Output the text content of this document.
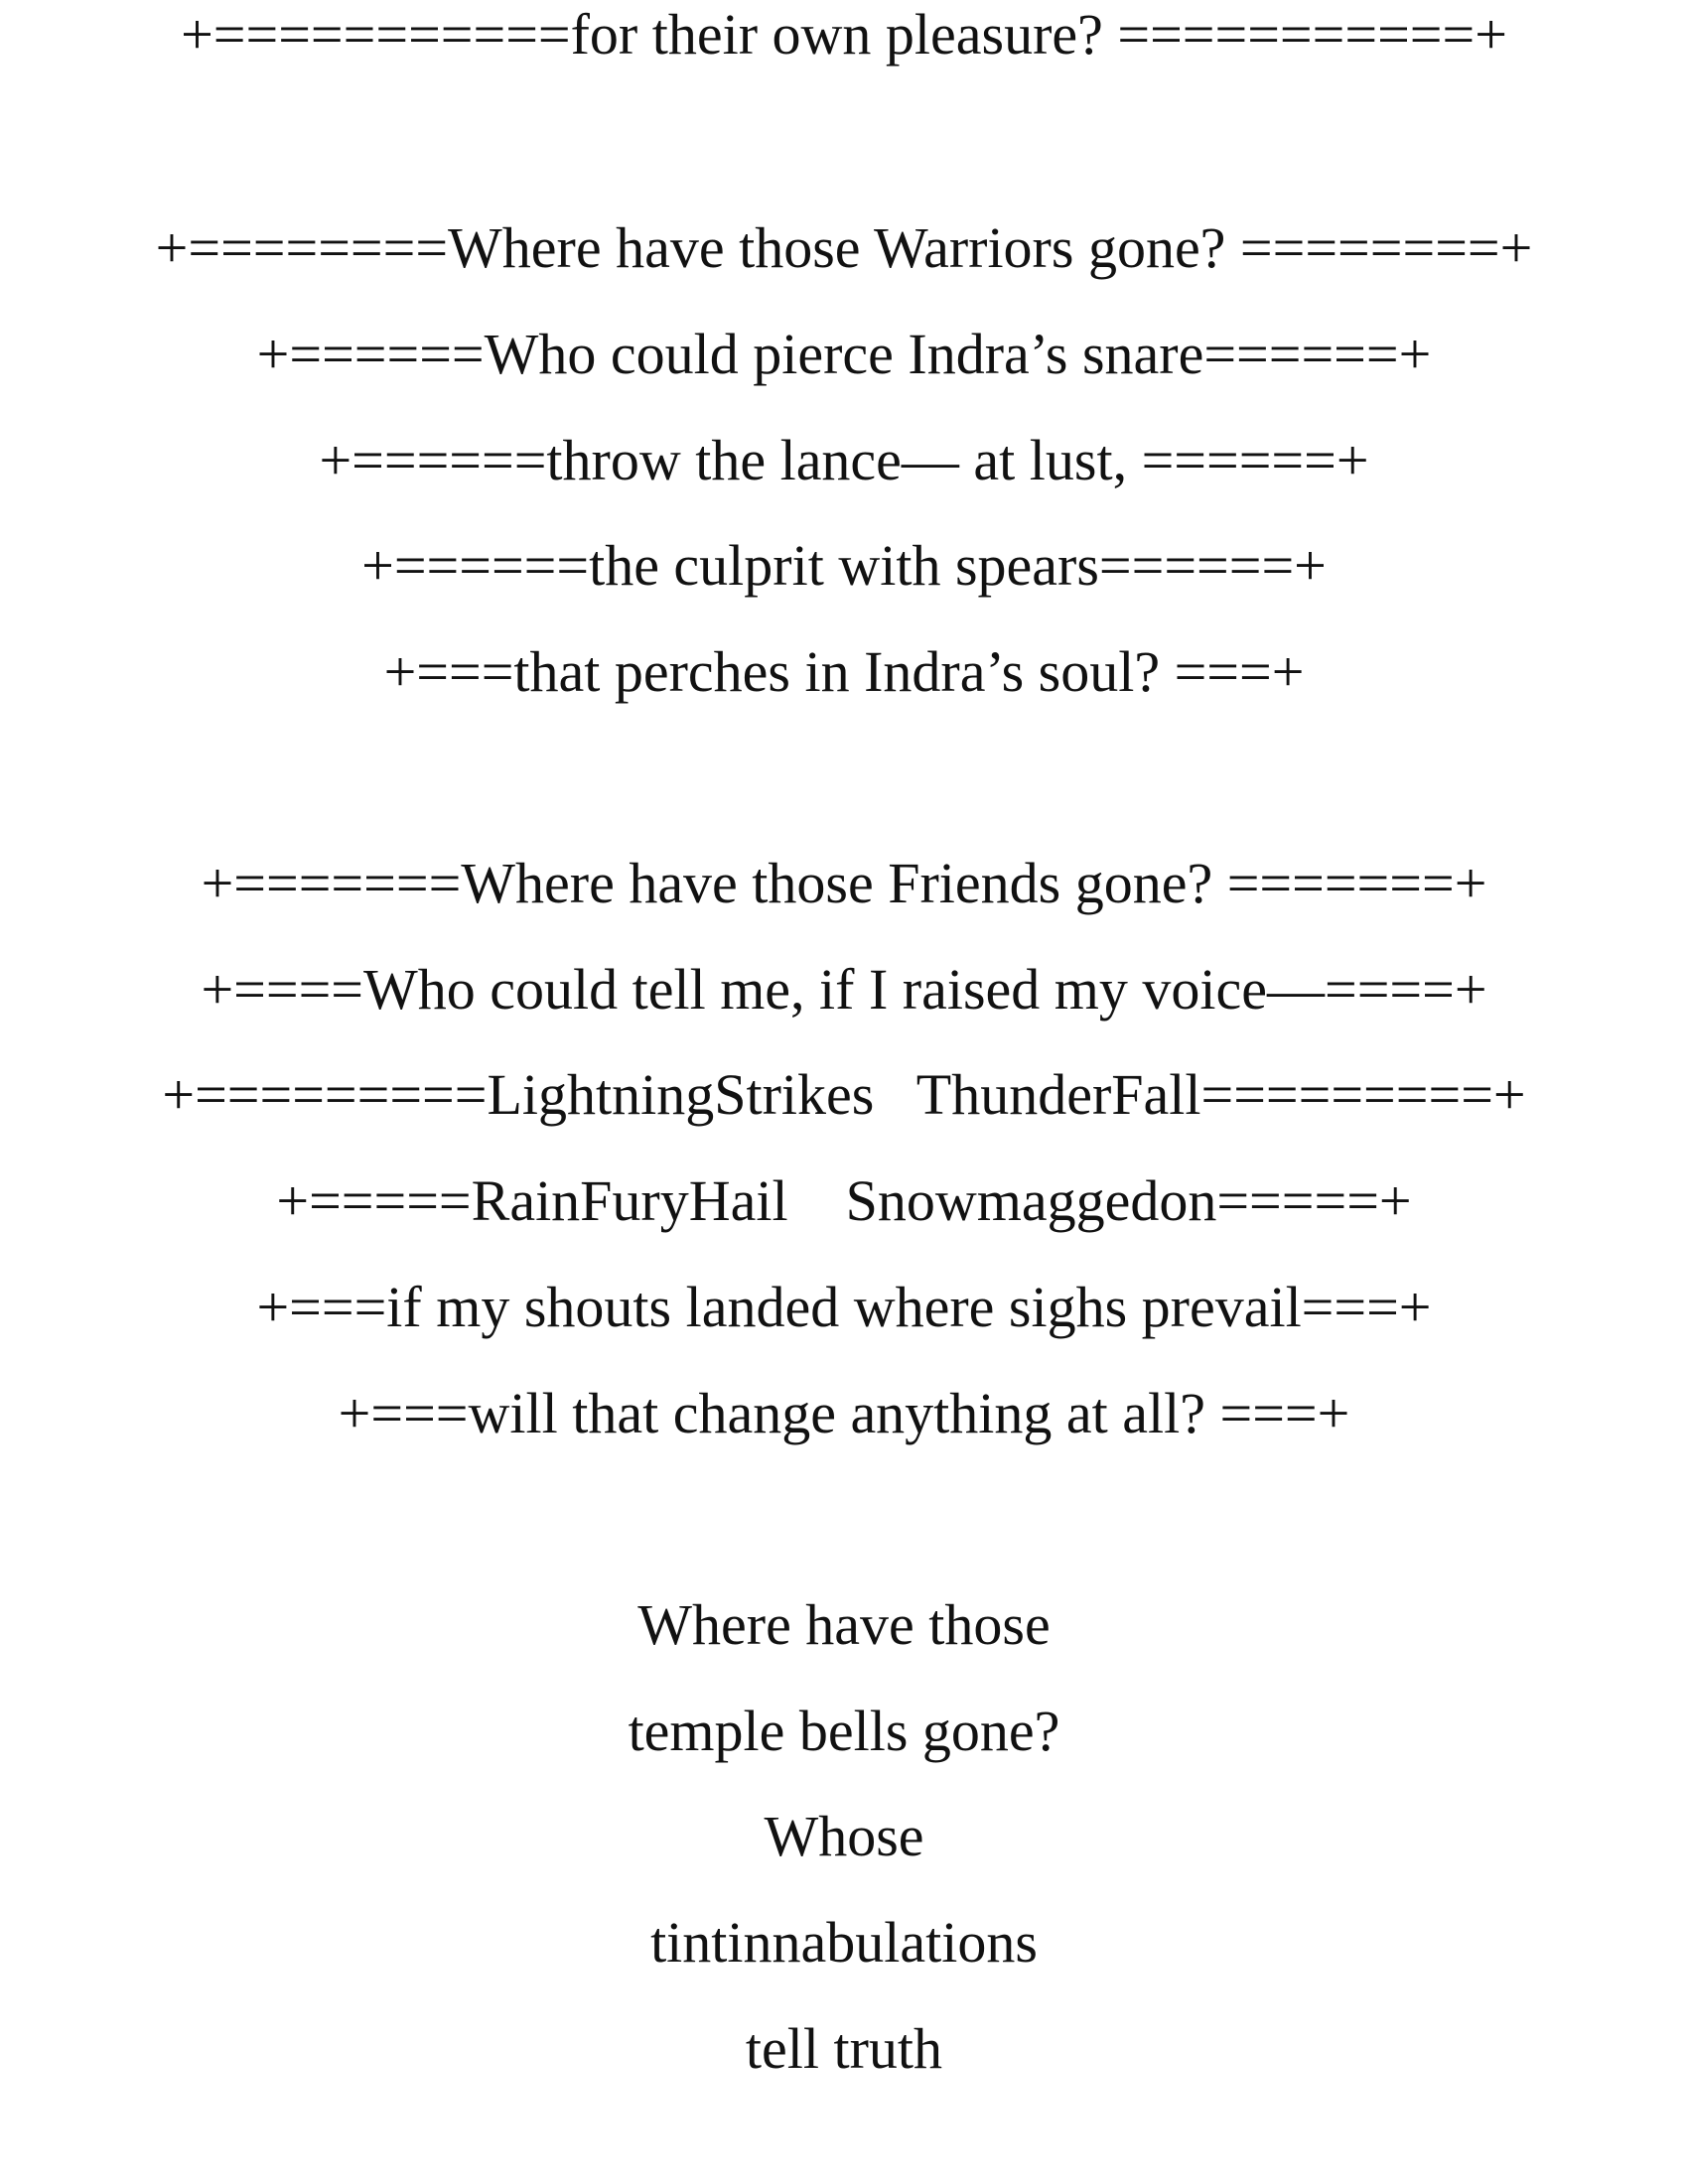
+===========for their own pleasure? ===========+
+========Where have those Warriors gone? ========+
+======Who could pierce Indra’s snare======+
+======throw the lance— at lust, ======+
+======the culprit with spears======+
+===that perches in Indra’s soul? ===+
+=======Where have those Friends gone? =======+
+====Who could tell me, if I raised my voice—====+
+=========LightningStrikes   ThunderFall=========+
+=====RainFuryHail    Snowmaggedon=====+
+===if my shouts landed where sighs prevail===+
+===will that change anything at all? ===+
Where have those
temple bells gone?
Whose
tintinnabulations
tell truth
